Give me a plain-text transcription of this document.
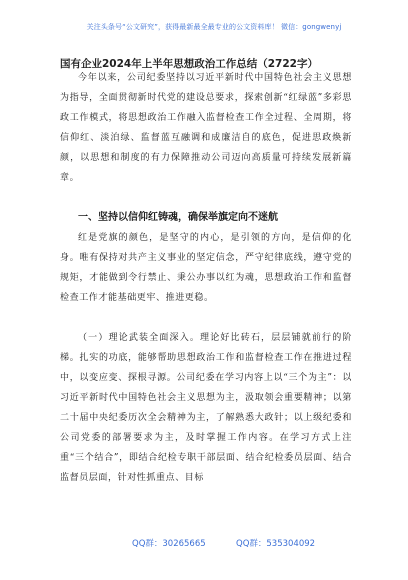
关注头条号“公文研究”，获得最新最全最专业的公文资料库！ 微信：gongwenyj
国有企业2024年上半年思想政治工作总结（2722字）

今年以来，公司纪委坚持以习近平新时代中国特色社会主义思想为指导，全面贯彻新时代党的建设总要求，探索创新“红绿蓝”多彩思政工作模式，将思想政治工作融入监督检查工作全过程、全周期，将信仰红、淡泊绿、监督蓝互融调和成廉洁自的底色，促进思政焕新颜，以思想和制度的有力保障推动公司迈向高质量可持续发展新篇章。

一、坚持以信仰红铸魂，确保举旗定向不迷航

红是党旗的颜色，是坚守的内心，是引领的方向，是信仰的化身。唯有保持对共产主义事业的坚定信念，严守纪律底线，遵守党的规矩，才能做到令行禁止、秉公办事以红为魂，思想政治工作和监督检查工作才能基础更牢、推进更稳。

（一）理论武装全面深入。理论好比砖石，层层铺就前行的阶梯。扎实的功底，能够帮助思想政治工作和监督检查工作在推进过程中，以变应变、探根寻源。公司纪委在学习内容上以“三个为主”：以习近平新时代中国特色社会主义思想为主，汲取领会重要精神；以第二十届中央纪委历次全会精神为主，了解熟悉大政针；以上级纪委和公司党委的部署要求为主，及时掌握工作内容。在学习方式上注重“三个结合”，即结合纪检专职干部层面、结合纪检委员层面、结合监督员层面，针对性抓重点、目标

QQ群：30265665	QQ群：535304092
